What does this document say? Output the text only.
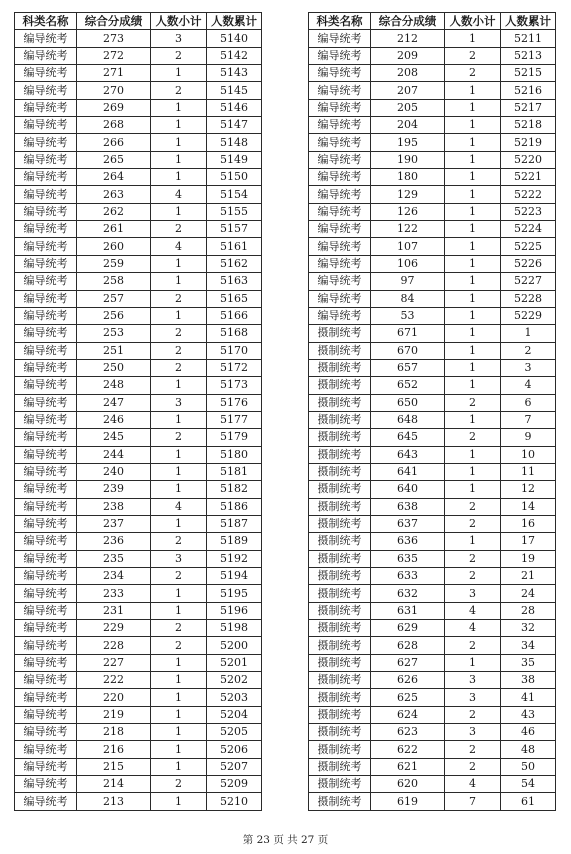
科类名称	综合分成绩	人数小计	人数累计
编导统考	273	3	5140
编导统考	272	2	5142
编导统考	271	1	5143
编导统考	270	2	5145
编导统考	269	1	5146
编导统考	268	1	5147
编导统考	266	1	5148
编导统考	265	1	5149
编导统考	264	1	5150
编导统考	263	4	5154
编导统考	262	1	5155
编导统考	261	2	5157
编导统考	260	4	5161
编导统考	259	1	5162
编导统考	258	1	5163
编导统考	257	2	5165
编导统考	256	1	5166
编导统考	253	2	5168
编导统考	251	2	5170
编导统考	250	2	5172
编导统考	248	1	5173
编导统考	247	3	5176
编导统考	246	1	5177
编导统考	245	2	5179
编导统考	244	1	5180
编导统考	240	1	5181
编导统考	239	1	5182
编导统考	238	4	5186
编导统考	237	1	5187
编导统考	236	2	5189
编导统考	235	3	5192
编导统考	234	2	5194
编导统考	233	1	5195
编导统考	231	1	5196
编导统考	229	2	5198
编导统考	228	2	5200
编导统考	227	1	5201
编导统考	222	1	5202
编导统考	220	1	5203
编导统考	219	1	5204
编导统考	218	1	5205
编导统考	216	1	5206
编导统考	215	1	5207
编导统考	214	2	5209
编导统考	213	1	5210
科类名称	综合分成绩	人数小计	人数累计
编导统考	212	1	5211
编导统考	209	2	5213
编导统考	208	2	5215
编导统考	207	1	5216
编导统考	205	1	5217
编导统考	204	1	5218
编导统考	195	1	5219
编导统考	190	1	5220
编导统考	180	1	5221
编导统考	129	1	5222
编导统考	126	1	5223
编导统考	122	1	5224
编导统考	107	1	5225
编导统考	106	1	5226
编导统考	97	1	5227
编导统考	84	1	5228
编导统考	53	1	5229
摄制统考	671	1	1
摄制统考	670	1	2
摄制统考	657	1	3
摄制统考	652	1	4
摄制统考	650	2	6
摄制统考	648	1	7
摄制统考	645	2	9
摄制统考	643	1	10
摄制统考	641	1	11
摄制统考	640	1	12
摄制统考	638	2	14
摄制统考	637	2	16
摄制统考	636	1	17
摄制统考	635	2	19
摄制统考	633	2	21
摄制统考	632	3	24
摄制统考	631	4	28
摄制统考	629	4	32
摄制统考	628	2	34
摄制统考	627	1	35
摄制统考	626	3	38
摄制统考	625	3	41
摄制统考	624	2	43
摄制统考	623	3	46
摄制统考	622	2	48
摄制统考	621	2	50
摄制统考	620	4	54
摄制统考	619	7	61
第 23 页 共 27 页
